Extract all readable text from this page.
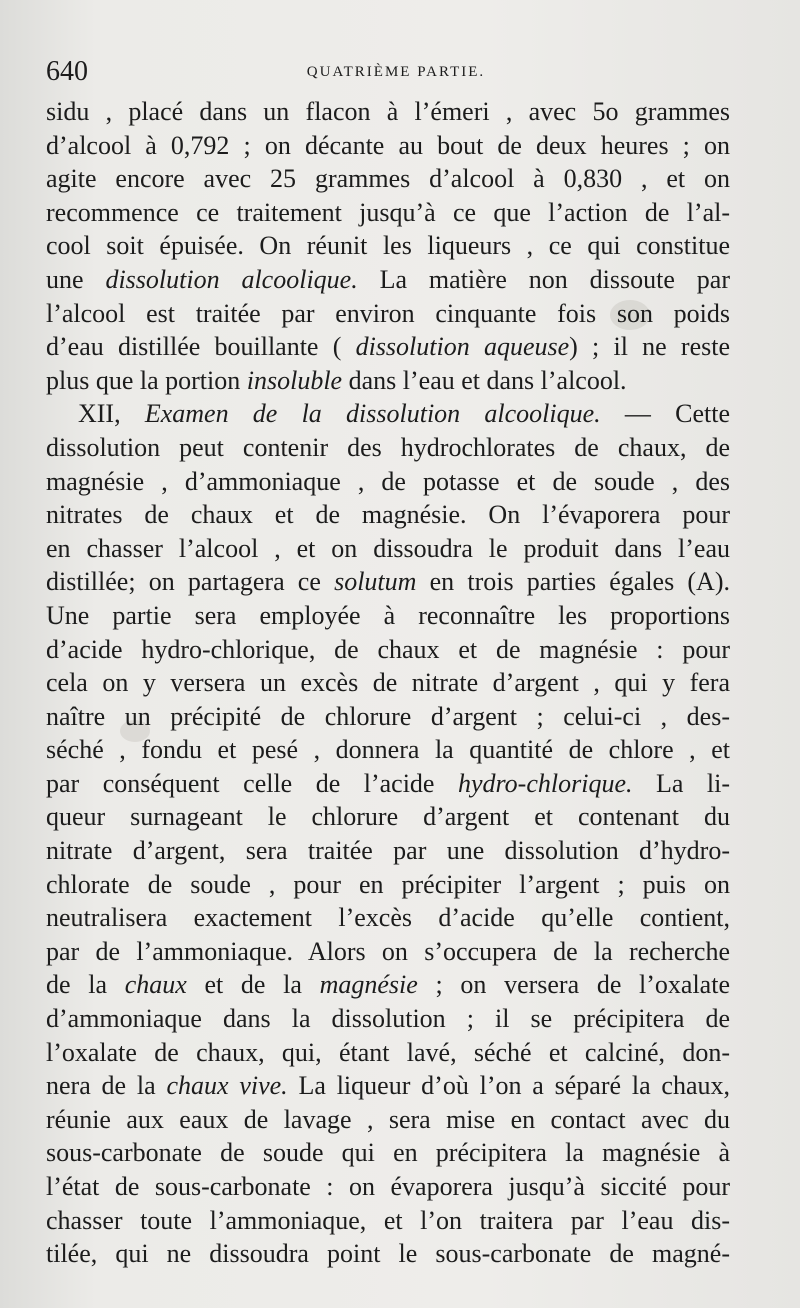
640	QUATRIÈME PARTIE.
sidu , placé dans un flacon à l’émeri , avec 5o grammes
d’alcool à 0,792 ; on décante au bout de deux heures ; on
agite encore avec 25 grammes d’alcool à 0,830 , et on
recommence ce traitement jusqu’à ce que l’action de l’al-
cool soit épuisée. On réunit les liqueurs , ce qui constitue
une dissolution alcoolique. La matière non dissoute par
l’alcool est traitée par environ cinquante fois son poids
d’eau distillée bouillante ( dissolution aqueuse) ; il ne reste
plus que la portion insoluble dans l’eau et dans l’alcool.
XII, Examen de la dissolution alcoolique. — Cette
dissolution peut contenir des hydrochlorates de chaux, de
magnésie , d’ammoniaque , de potasse et de soude , des
nitrates de chaux et de magnésie. On l’évaporera pour
en chasser l’alcool , et on dissoudra le produit dans l’eau
distillée; on partagera ce solutum en trois parties égales (A).
Une partie sera employée à reconnaître les proportions
d’acide hydro-chlorique, de chaux et de magnésie : pour
cela on y versera un excès de nitrate d’argent , qui y fera
naître un précipité de chlorure d’argent ; celui-ci , des-
séché , fondu et pesé , donnera la quantité de chlore , et
par conséquent celle de l’acide hydro-chlorique. La li-
queur surnageant le chlorure d’argent et contenant du
nitrate d’argent, sera traitée par une dissolution d’hydro-
chlorate de soude , pour en précipiter l’argent ; puis on
neutralisera exactement l’excès d’acide qu’elle contient,
par de l’ammoniaque. Alors on s’occupera de la recherche
de la chaux et de la magnésie ; on versera de l’oxalate
d’ammoniaque dans la dissolution ; il se précipitera de
l’oxalate de chaux, qui, étant lavé, séché et calciné, don-
nera de la chaux vive. La liqueur d’où l’on a séparé la chaux,
réunie aux eaux de lavage , sera mise en contact avec du
sous-carbonate de soude qui en précipitera la magnésie à
l’état de sous-carbonate : on évaporera jusqu’à siccité pour
chasser toute l’ammoniaque, et l’on traitera par l’eau dis-
tilée, qui ne dissoudra point le sous-carbonate de magné-
